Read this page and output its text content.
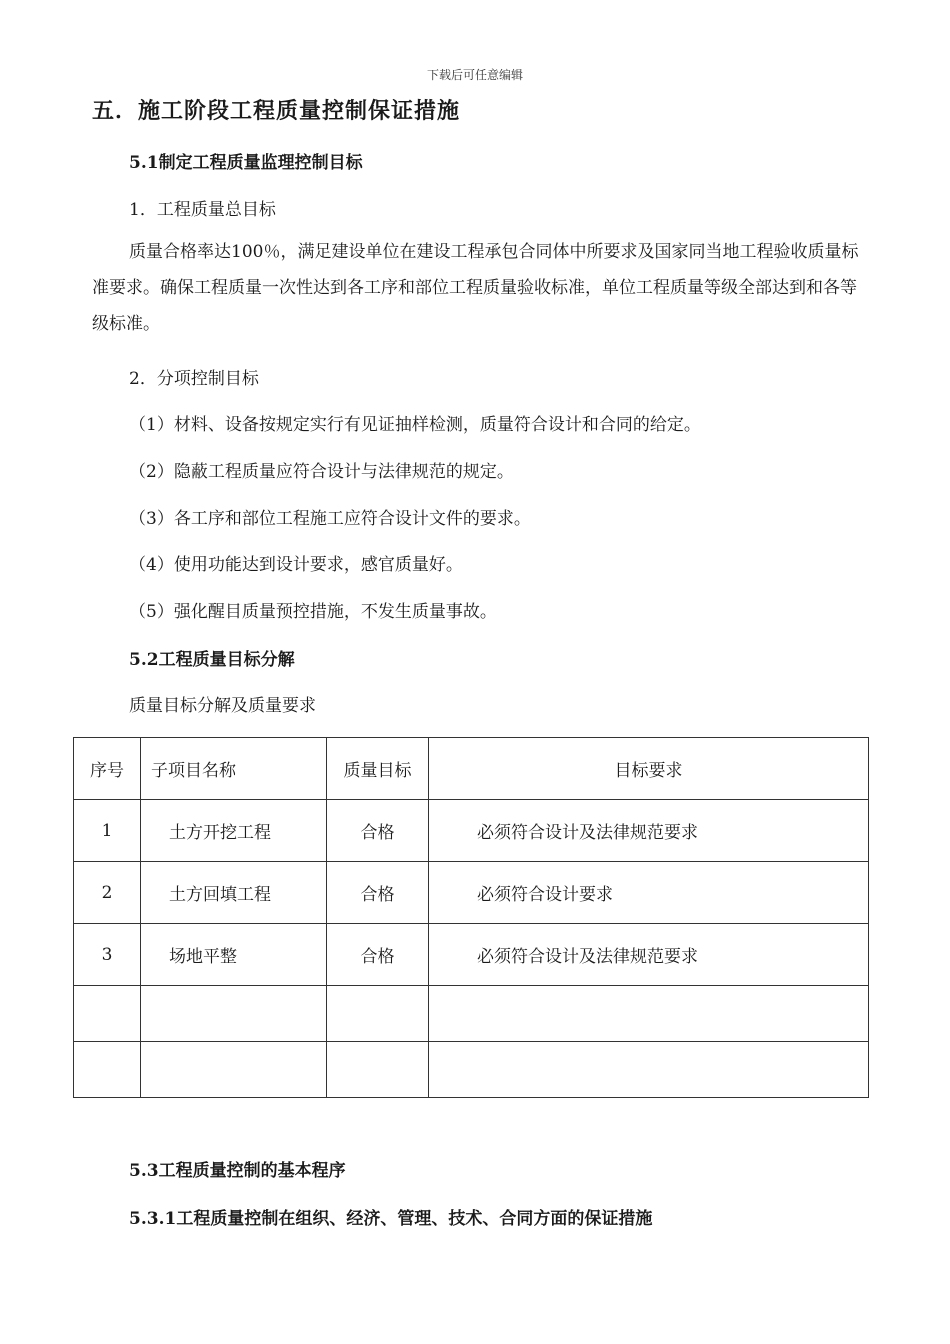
下载后可任意编辑
五．施工阶段工程质量控制保证措施
5.1制定工程质量监理控制目标
1．工程质量总目标
质量合格率达100％，满足建设单位在建设工程承包合同体中所要求及国家同当地工程验收质量标准要求。确保工程质量一次性达到各工序和部位工程质量验收标准，单位工程质量等级全部达到和各等级标准。
2．分项控制目标
（1）材料、设备按规定实行有见证抽样检测，质量符合设计和合同的给定。
（2）隐蔽工程质量应符合设计与法律规范的规定。
（3）各工序和部位工程施工应符合设计文件的要求。
（4）使用功能达到设计要求，感官质量好。
（5）强化醒目质量预控措施，不发生质量事故。
5.2工程质量目标分解
质量目标分解及质量要求
序号	子项目名称	质量目标	目标要求
1	土方开挖工程	合格	必须符合设计及法律规范要求
2	土方回填工程	合格	必须符合设计要求
3	场地平整	合格	必须符合设计及法律规范要求

5.3工程质量控制的基本程序
5.3.1工程质量控制在组织、经济、管理、技术、合同方面的保证措施
